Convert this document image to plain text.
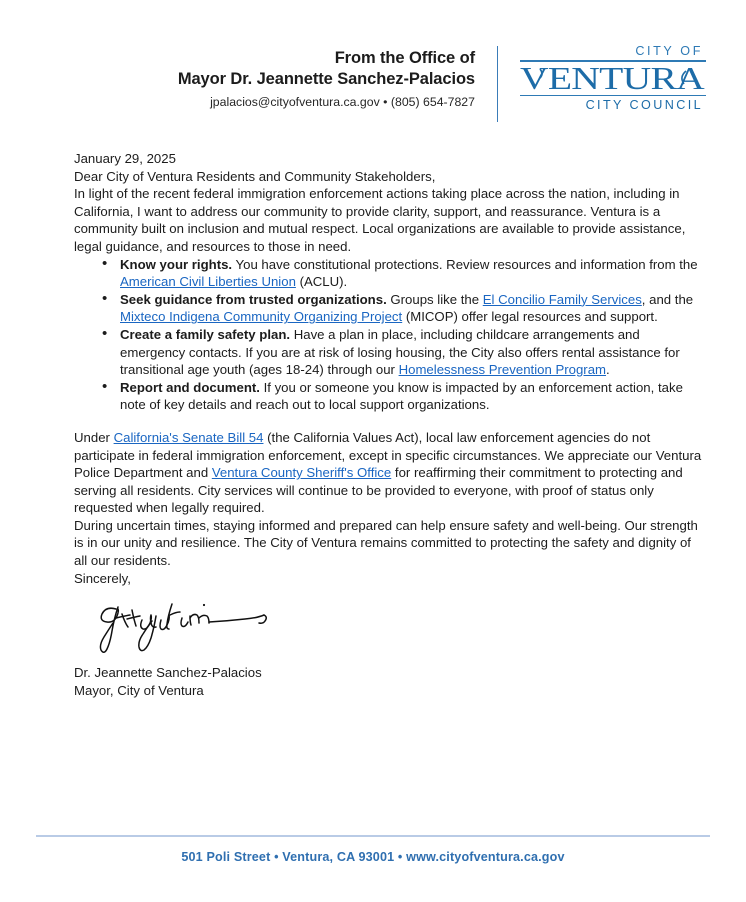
From the Office of
Mayor Dr. Jeannette Sanchez-Palacios
jpalacios@cityofventura.ca.gov • (805) 654-7827
CITY OF
VENTURA
CITY COUNCIL

January 29, 2025

Dear City of Ventura Residents and Community Stakeholders,

In light of the recent federal immigration enforcement actions taking place across the nation, including in California, I want to address our community to provide clarity, support, and reassurance. Ventura is a community built on inclusion and mutual respect. Local organizations are available to provide assistance, legal guidance, and resources to those in need.

• Know your rights. You have constitutional protections. Review resources and information from the American Civil Liberties Union (ACLU).
• Seek guidance from trusted organizations. Groups like the El Concilio Family Services, and the Mixteco Indigena Community Organizing Project (MICOP) offer legal resources and support.
• Create a family safety plan. Have a plan in place, including childcare arrangements and emergency contacts. If you are at risk of losing housing, the City also offers rental assistance for transitional age youth (ages 18-24) through our Homelessness Prevention Program.
• Report and document. If you or someone you know is impacted by an enforcement action, take note of key details and reach out to local support organizations.

Under California's Senate Bill 54 (the California Values Act), local law enforcement agencies do not participate in federal immigration enforcement, except in specific circumstances. We appreciate our Ventura Police Department and Ventura County Sheriff's Office for reaffirming their commitment to protecting and serving all residents. City services will continue to be provided to everyone, with proof of status only requested when legally required.

During uncertain times, staying informed and prepared can help ensure safety and well-being. Our strength is in our unity and resilience. The City of Ventura remains committed to protecting the safety and dignity of all our residents.

Sincerely,

Dr. Jeannette Sanchez-Palacios
Mayor, City of Ventura
501 Poli Street • Ventura, CA 93001 • www.cityofventura.ca.gov
